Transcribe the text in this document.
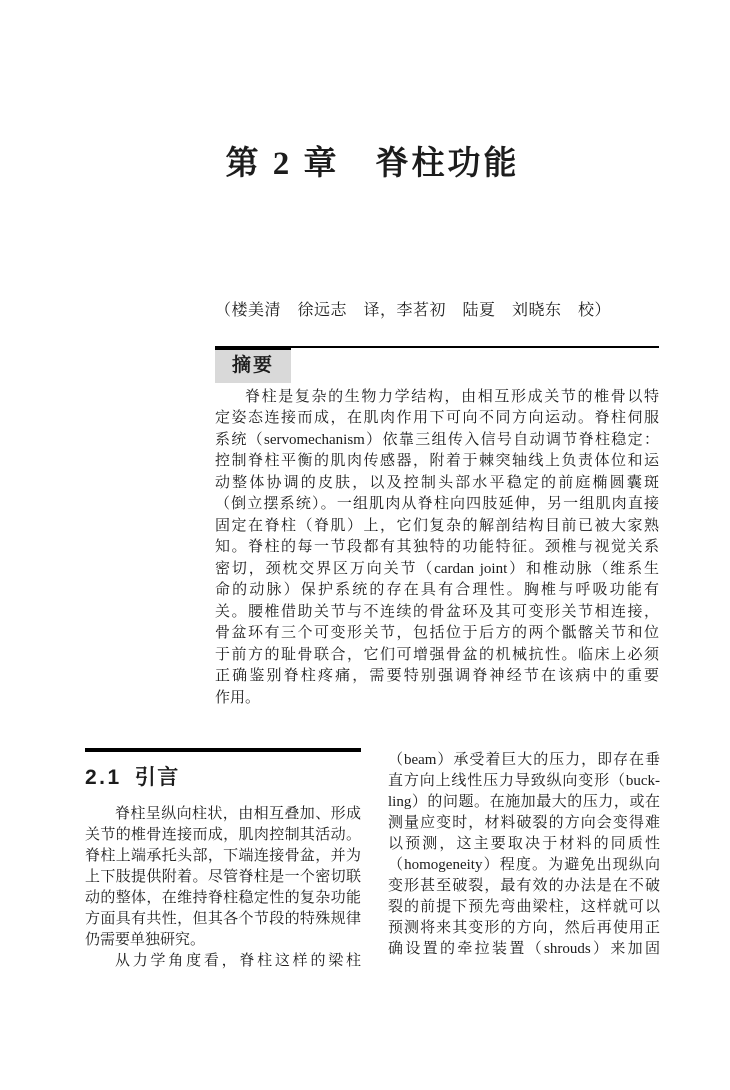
第 2 章　脊柱功能
（楼美清　徐远志　译，李茗初　陆夏　刘晓东　校）
摘要
脊柱是复杂的生物力学结构，由相互形成关节的椎骨以特
定姿态连接而成，在肌肉作用下可向不同方向运动。脊柱伺服
系统（servomechanism）依靠三组传入信号自动调节脊柱稳定：
控制脊柱平衡的肌肉传感器，附着于棘突轴线上负责体位和运
动整体协调的皮肤，以及控制头部水平稳定的前庭椭圆囊斑
（倒立摆系统）。一组肌肉从脊柱向四肢延伸，另一组肌肉直接
固定在脊柱（脊肌）上，它们复杂的解剖结构目前已被大家熟
知。脊柱的每一节段都有其独特的功能特征。颈椎与视觉关系
密切，颈枕交界区万向关节（cardan joint）和椎动脉（维系生
命的动脉）保护系统的存在具有合理性。胸椎与呼吸功能有
关。腰椎借助关节与不连续的骨盆环及其可变形关节相连接，
骨盆环有三个可变形关节，包括位于后方的两个骶髂关节和位
于前方的耻骨联合，它们可增强骨盆的机械抗性。临床上必须
正确鉴别脊柱疼痛，需要特别强调脊神经节在该病中的重要
作用。
2.1 引言
脊柱呈纵向柱状，由相互叠加、形成
关节的椎骨连接而成，肌肉控制其活动。
脊柱上端承托头部，下端连接骨盆，并为
上下肢提供附着。尽管脊柱是一个密切联
动的整体，在维持脊柱稳定性的复杂功能
方面具有共性，但其各个节段的特殊规律
仍需要单独研究。
从力学角度看，脊柱这样的梁柱
（beam）承受着巨大的压力，即存在垂
直方向上线性压力导致纵向变形（buck-
ling）的问题。在施加最大的压力，或在
测量应变时，材料破裂的方向会变得难
以预测，这主要取决于材料的同质性
（homogeneity）程度。为避免出现纵向
变形甚至破裂，最有效的办法是在不破
裂的前提下预先弯曲梁柱，这样就可以
预测将来其变形的方向，然后再使用正
确设置的牵拉装置（shrouds）来加固
